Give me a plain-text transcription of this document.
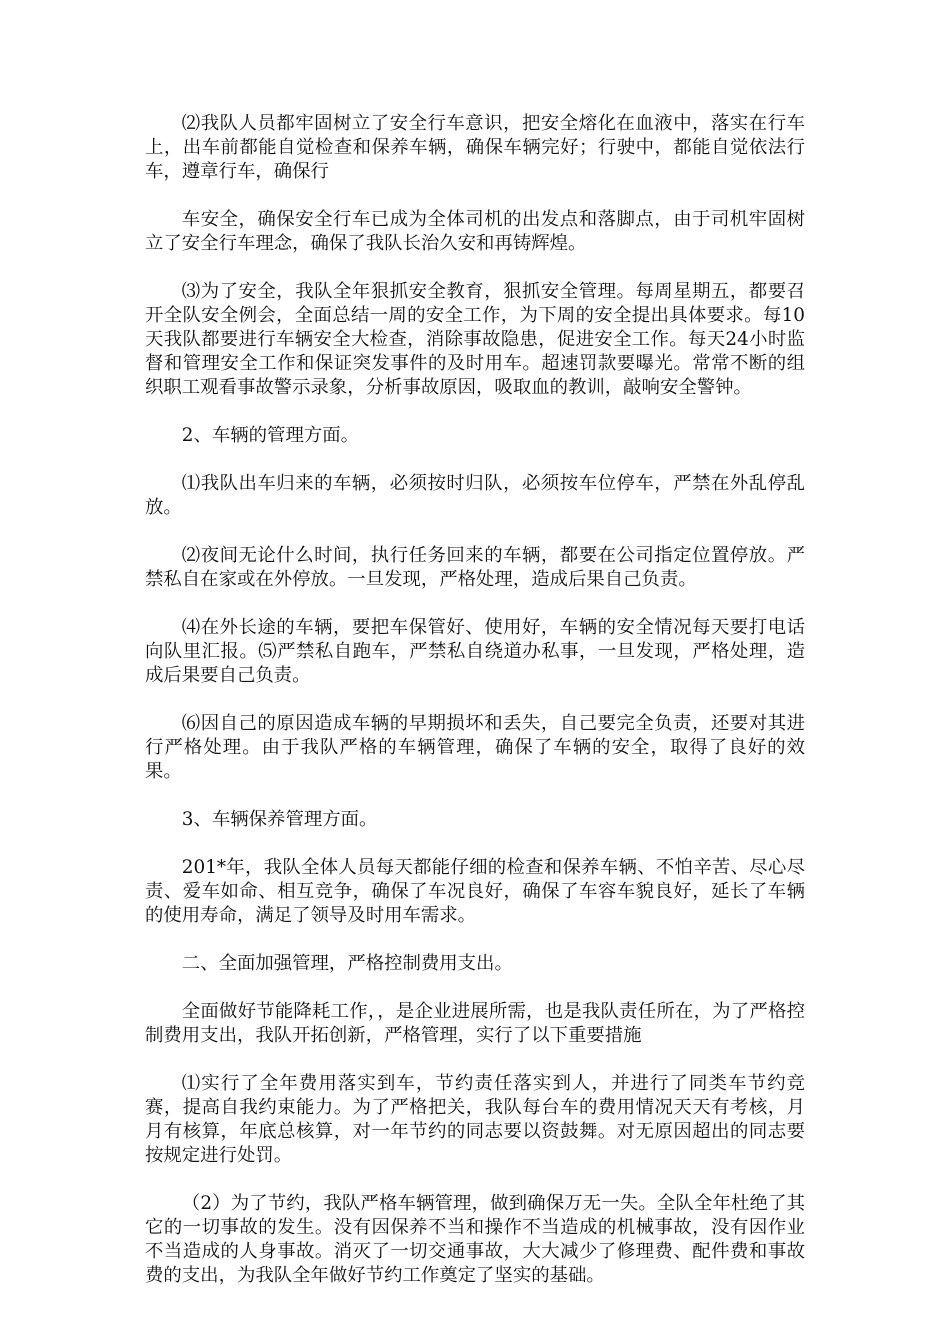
⑵我队人员都牢固树立了安全行车意识，把安全熔化在血液中，落实在行车上，出车前都能自觉检查和保养车辆，确保车辆完好；行驶中，都能自觉依法行车，遵章行车，确保行

车安全，确保安全行车已成为全体司机的出发点和落脚点，由于司机牢固树立了安全行车理念，确保了我队长治久安和再铸辉煌。

⑶为了安全，我队全年狠抓安全教育，狠抓安全管理。每周星期五，都要召开全队安全例会，全面总结一周的安全工作，为下周的安全提出具体要求。每10天我队都要进行车辆安全大检查，消除事故隐患，促进安全工作。每天24小时监督和管理安全工作和保证突发事件的及时用车。超速罚款要曝光。常常不断的组织职工观看事故警示录象，分析事故原因，吸取血的教训，敲响安全警钟。

2、车辆的管理方面。

⑴我队出车归来的车辆，必须按时归队，必须按车位停车，严禁在外乱停乱放。

⑵夜间无论什么时间，执行任务回来的车辆，都要在公司指定位置停放。严禁私自在家或在外停放。一旦发现，严格处理，造成后果自己负责。

⑷在外长途的车辆，要把车保管好、使用好，车辆的安全情况每天要打电话向队里汇报。⑸严禁私自跑车，严禁私自绕道办私事，一旦发现，严格处理，造成后果要自己负责。

⑹因自己的原因造成车辆的早期损坏和丢失，自己要完全负责，还要对其进行严格处理。由于我队严格的车辆管理，确保了车辆的安全，取得了良好的效果。

3、车辆保养管理方面。

201*年，我队全体人员每天都能仔细的检查和保养车辆、不怕辛苦、尽心尽责、爱车如命、相互竞争，确保了车况良好，确保了车容车貌良好，延长了车辆的使用寿命，满足了领导及时用车需求。

二、全面加强管理，严格控制费用支出。

全面做好节能降耗工作，，是企业进展所需，也是我队责任所在，为了严格控制费用支出，我队开拓创新，严格管理，实行了以下重要措施

⑴实行了全年费用落实到车，节约责任落实到人，并进行了同类车节约竞赛，提高自我约束能力。为了严格把关，我队每台车的费用情况天天有考核，月月有核算，年底总核算，对一年节约的同志要以资鼓舞。对无原因超出的同志要按规定进行处罚。

（2）为了节约，我队严格车辆管理，做到确保万无一失。全队全年杜绝了其它的一切事故的发生。没有因保养不当和操作不当造成的机械事故，没有因作业不当造成的人身事故。消灭了一切交通事故，大大减少了修理费、配件费和事故费的支出，为我队全年做好节约工作奠定了坚实的基础。
